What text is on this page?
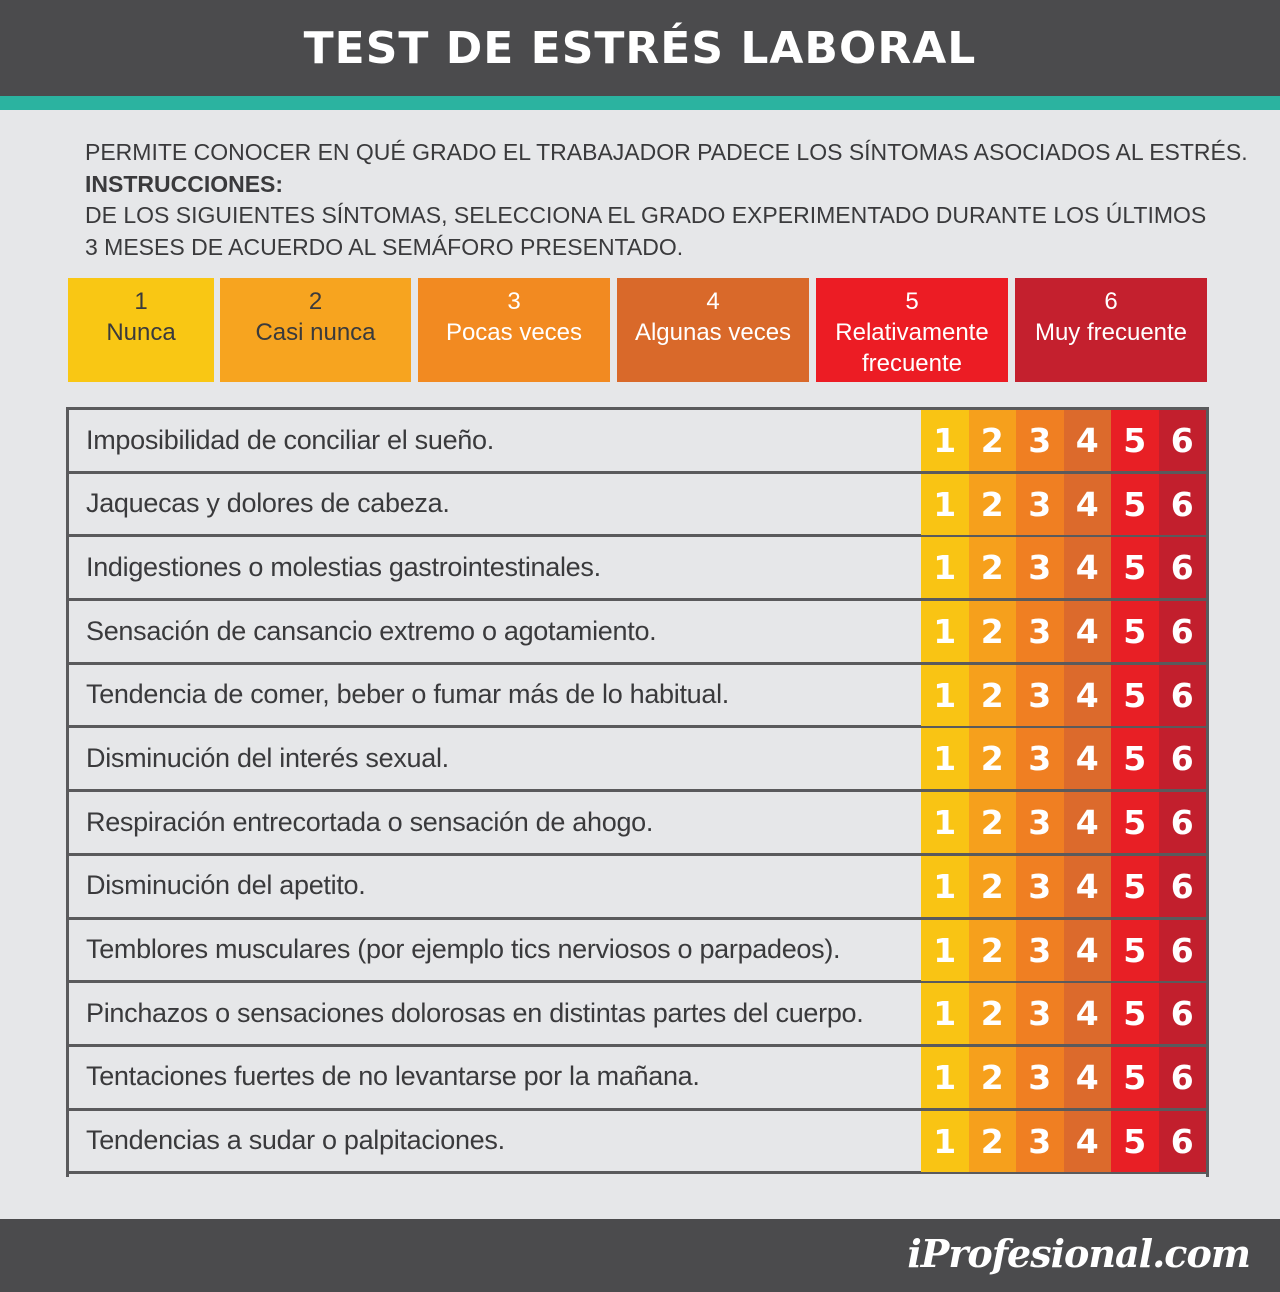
TEST DE ESTRÉS LABORAL
PERMITE CONOCER EN QUÉ GRADO EL TRABAJADOR PADECE LOS SÍNTOMAS ASOCIADOS AL ESTRÉS.
INSTRUCCIONES:
DE LOS SIGUIENTES SÍNTOMAS, SELECCIONA EL GRADO EXPERIMENTADO DURANTE LOS ÚLTIMOS
3 MESES DE ACUERDO AL SEMÁFORO PRESENTADO.
1
Nunca
2
Casi nunca
3
Pocas veces
4
Algunas veces
5
Relativamente
frecuente
6
Muy frecuente
Imposibilidad de conciliar el sueño.	1 2 3 4 5 6
Jaquecas y dolores de cabeza.	1 2 3 4 5 6
Indigestiones o molestias gastrointestinales.	1 2 3 4 5 6
Sensación de cansancio extremo o agotamiento.	1 2 3 4 5 6
Tendencia de comer, beber o fumar más de lo habitual.	1 2 3 4 5 6
Disminución del interés sexual.	1 2 3 4 5 6
Respiración entrecortada o sensación de ahogo.	1 2 3 4 5 6
Disminución del apetito.	1 2 3 4 5 6
Temblores musculares (por ejemplo tics nerviosos o parpadeos).	1 2 3 4 5 6
Pinchazos o sensaciones dolorosas en distintas partes del cuerpo.	1 2 3 4 5 6
Tentaciones fuertes de no levantarse por la mañana.	1 2 3 4 5 6
Tendencias a sudar o palpitaciones.	1 2 3 4 5 6
iProfesional.com
